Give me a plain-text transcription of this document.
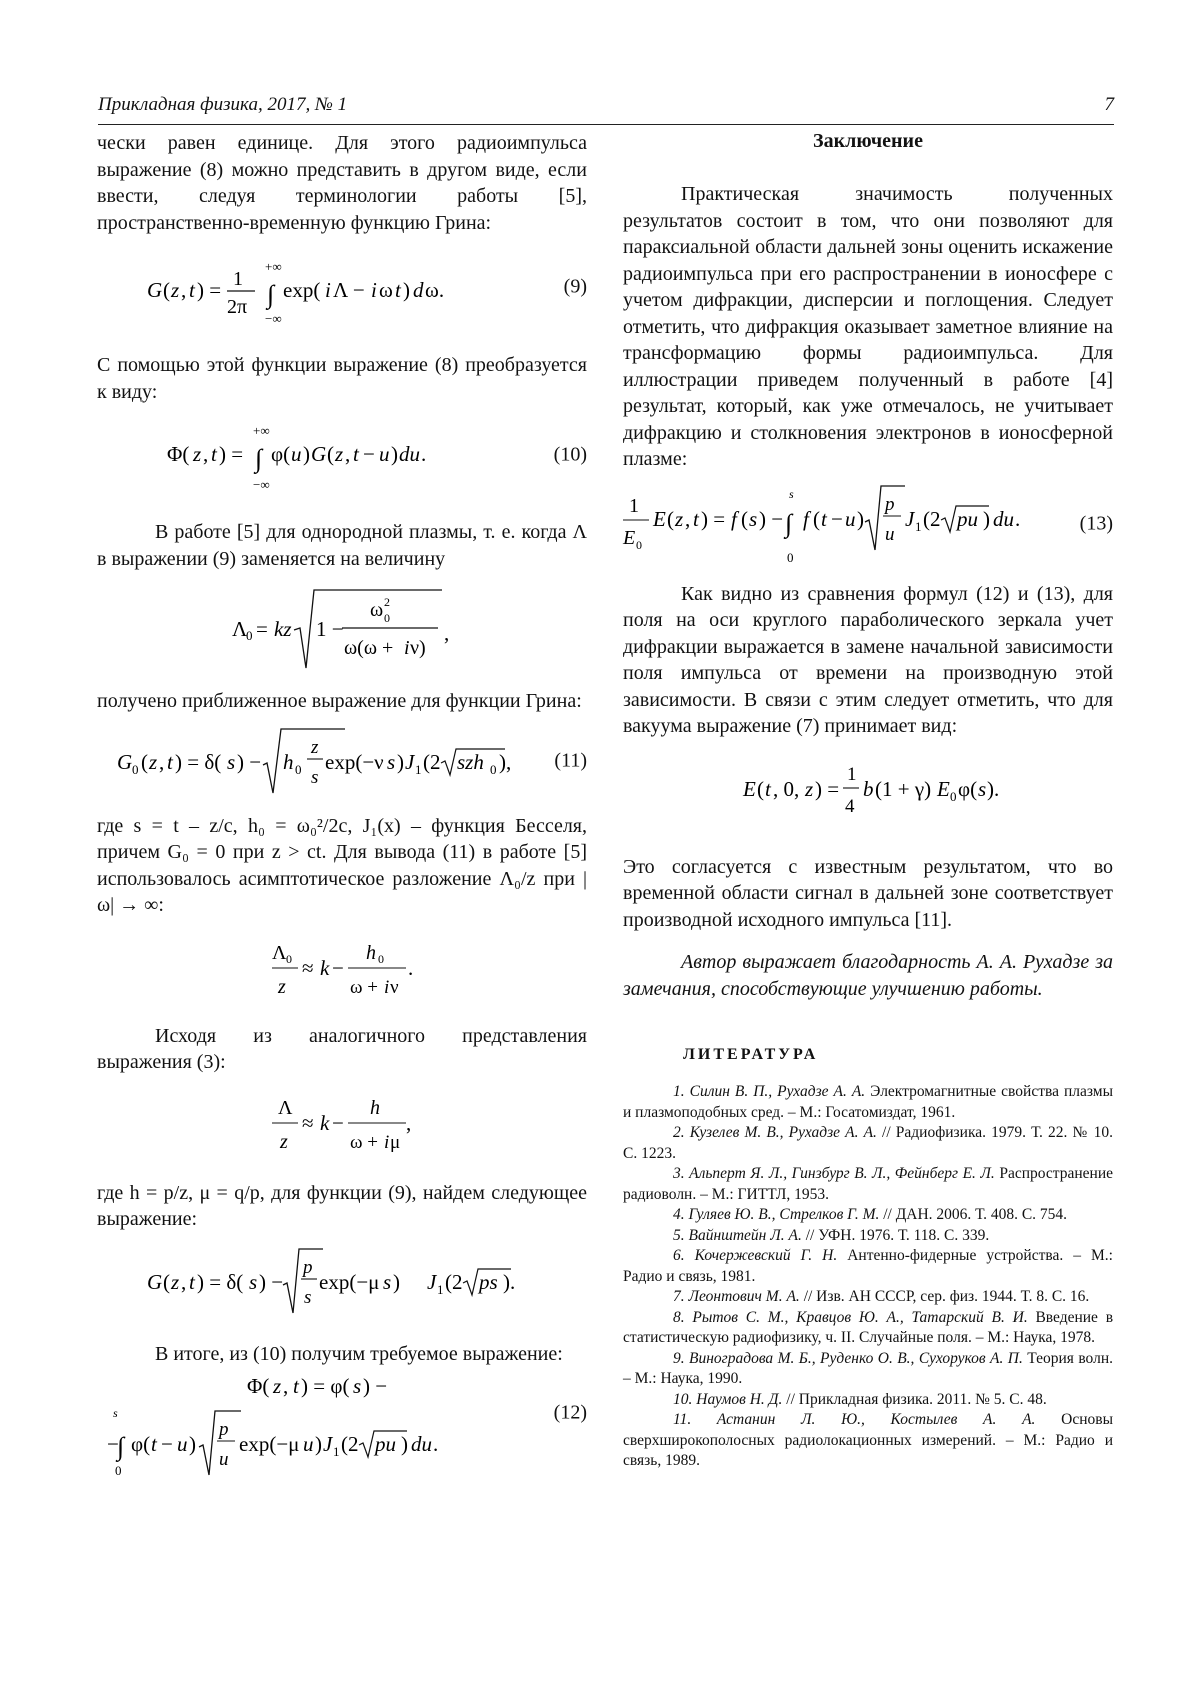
Прикладная физика, 2017, № 1	7

чески равен единице. Для этого радиоимпульса выражение (8) можно представить в другом виде, если ввести, следуя терминологии работы [5], пространственно-временную функцию Грина:

G ( z , t ) = 1
2π
+∞
∫
−∞
exp( i Λ − i ω t ) d ω.	(9)

С помощью этой функции выражение (8) преобразуется к виду:

Φ( z , t ) =
+∞
∫
−∞
φ( u ) G ( z , t − u ) du .	(10)

В работе [5] для однородной плазмы, т. е. когда Λ в выражении (9) заменяется на величину

Λ
0 = kz 1 −
ω 2
0
ω(ω + i ν)
,

получено приближенное выражение для функции Грина:

G 0 ( z , t ) = δ( s ) − h 0
z
s
exp(−ν s ) J 1 (2 szh 0 ), (11)

где s = t – z/c, h₀ = ω₀²/2c, J₁(x) – функция Бесселя, причем G₀ = 0 при z > ct. Для вывода (11) в работе [5] использовалось асимптотическое разложение Λ₀/z при |ω| → ∞:

Λ 0
z
≈ k −
h 0
ω + i ν
.

Исходя из аналогичного представления выражения (3):

Λ
z
≈ k −
h
ω + i μ
,

где h = p/z, μ = q/p, для функции (9), найдем следующее выражение:

G ( z , t ) = δ( s ) −
p
s
exp(−μ s ) J 1 (2 ps ).

В итоге, из (10) получим требуемое выражение:

Φ( z , t ) = φ( s ) −
s
−
∫
0
φ( t − u )
p
u
exp(−μ u ) J 1 (2 pu ) du .
(12)

Заключение

Практическая значимость полученных результатов состоит в том, что они позволяют для параксиальной области дальней зоны оценить искажение радиоимпульса при его распространении в ионосфере с учетом дифракции, дисперсии и поглощения. Следует отметить, что дифракция оказывает заметное влияние на трансформацию формы радиоимпульса. Для иллюстрации приведем полученный в работе [4] результат, который, как уже отмечалось, не учитывает дифракцию и столкновения электронов в ионосферной плазме:

1
E 0
E ( z , t ) = f ( s ) −
s
∫
0
f ( t − u )
p
u
J 1 (2 pu ) du .	(13)

Как видно из сравнения формул (12) и (13), для поля на оси круглого параболического зеркала учет дифракции выражается в замене начальной зависимости поля импульса от времени на производную этой зависимости. В связи с этим следует отметить, что для вакуума выражение (7) принимает вид:

E ( t , 0, z ) =
1
4
b (1 + γ) E 0 φ( s ).

Это согласуется с известным результатом, что во временной области сигнал в дальней зоне соответствует производной исходного импульса [11].

Автор выражает благодарность А. А. Рухадзе за замечания, способствующие улучшению работы.

ЛИТЕРАТУРА

1. Силин В. П., Рухадзе А. А. Электромагнитные свойства плазмы и плазмоподобных сред. – М.: Госатомиздат, 1961.

2. Кузелев М. В., Рухадзе А. А. // Радиофизика. 1979. Т. 22. № 10. С. 1223.

3. Альперт Я. Л., Гинзбург В. Л., Фейнберг Е. Л. Распространение радиоволн. – М.: ГИТТЛ, 1953.

4. Гуляев Ю. В., Стрелков Г. М. // ДАН. 2006. Т. 408. С. 754.

5. Вайнштейн Л. А. // УФН. 1976. Т. 118. С. 339.

6. Кочержевский Г. Н. Антенно-фидерные устройства. – М.: Радио и связь, 1981.

7. Леонтович М. А. // Изв. АН СССР, сер. физ. 1944. Т. 8. С. 16.

8. Рытов С. М., Кравцов Ю. А., Татарский В. И. Введение в статистическую радиофизику, ч. II. Случайные поля. – М.: Наука, 1978.

9. Виноградова М. Б., Руденко О. В., Сухоруков А. П. Теория волн. – М.: Наука, 1990.

10. Наумов Н. Д. // Прикладная физика. 2011. № 5. С. 48.

11. Астанин Л. Ю., Костылев А. А. Основы сверхширокополосных радиолокационных измерений. – М.: Радио и связь, 1989.
